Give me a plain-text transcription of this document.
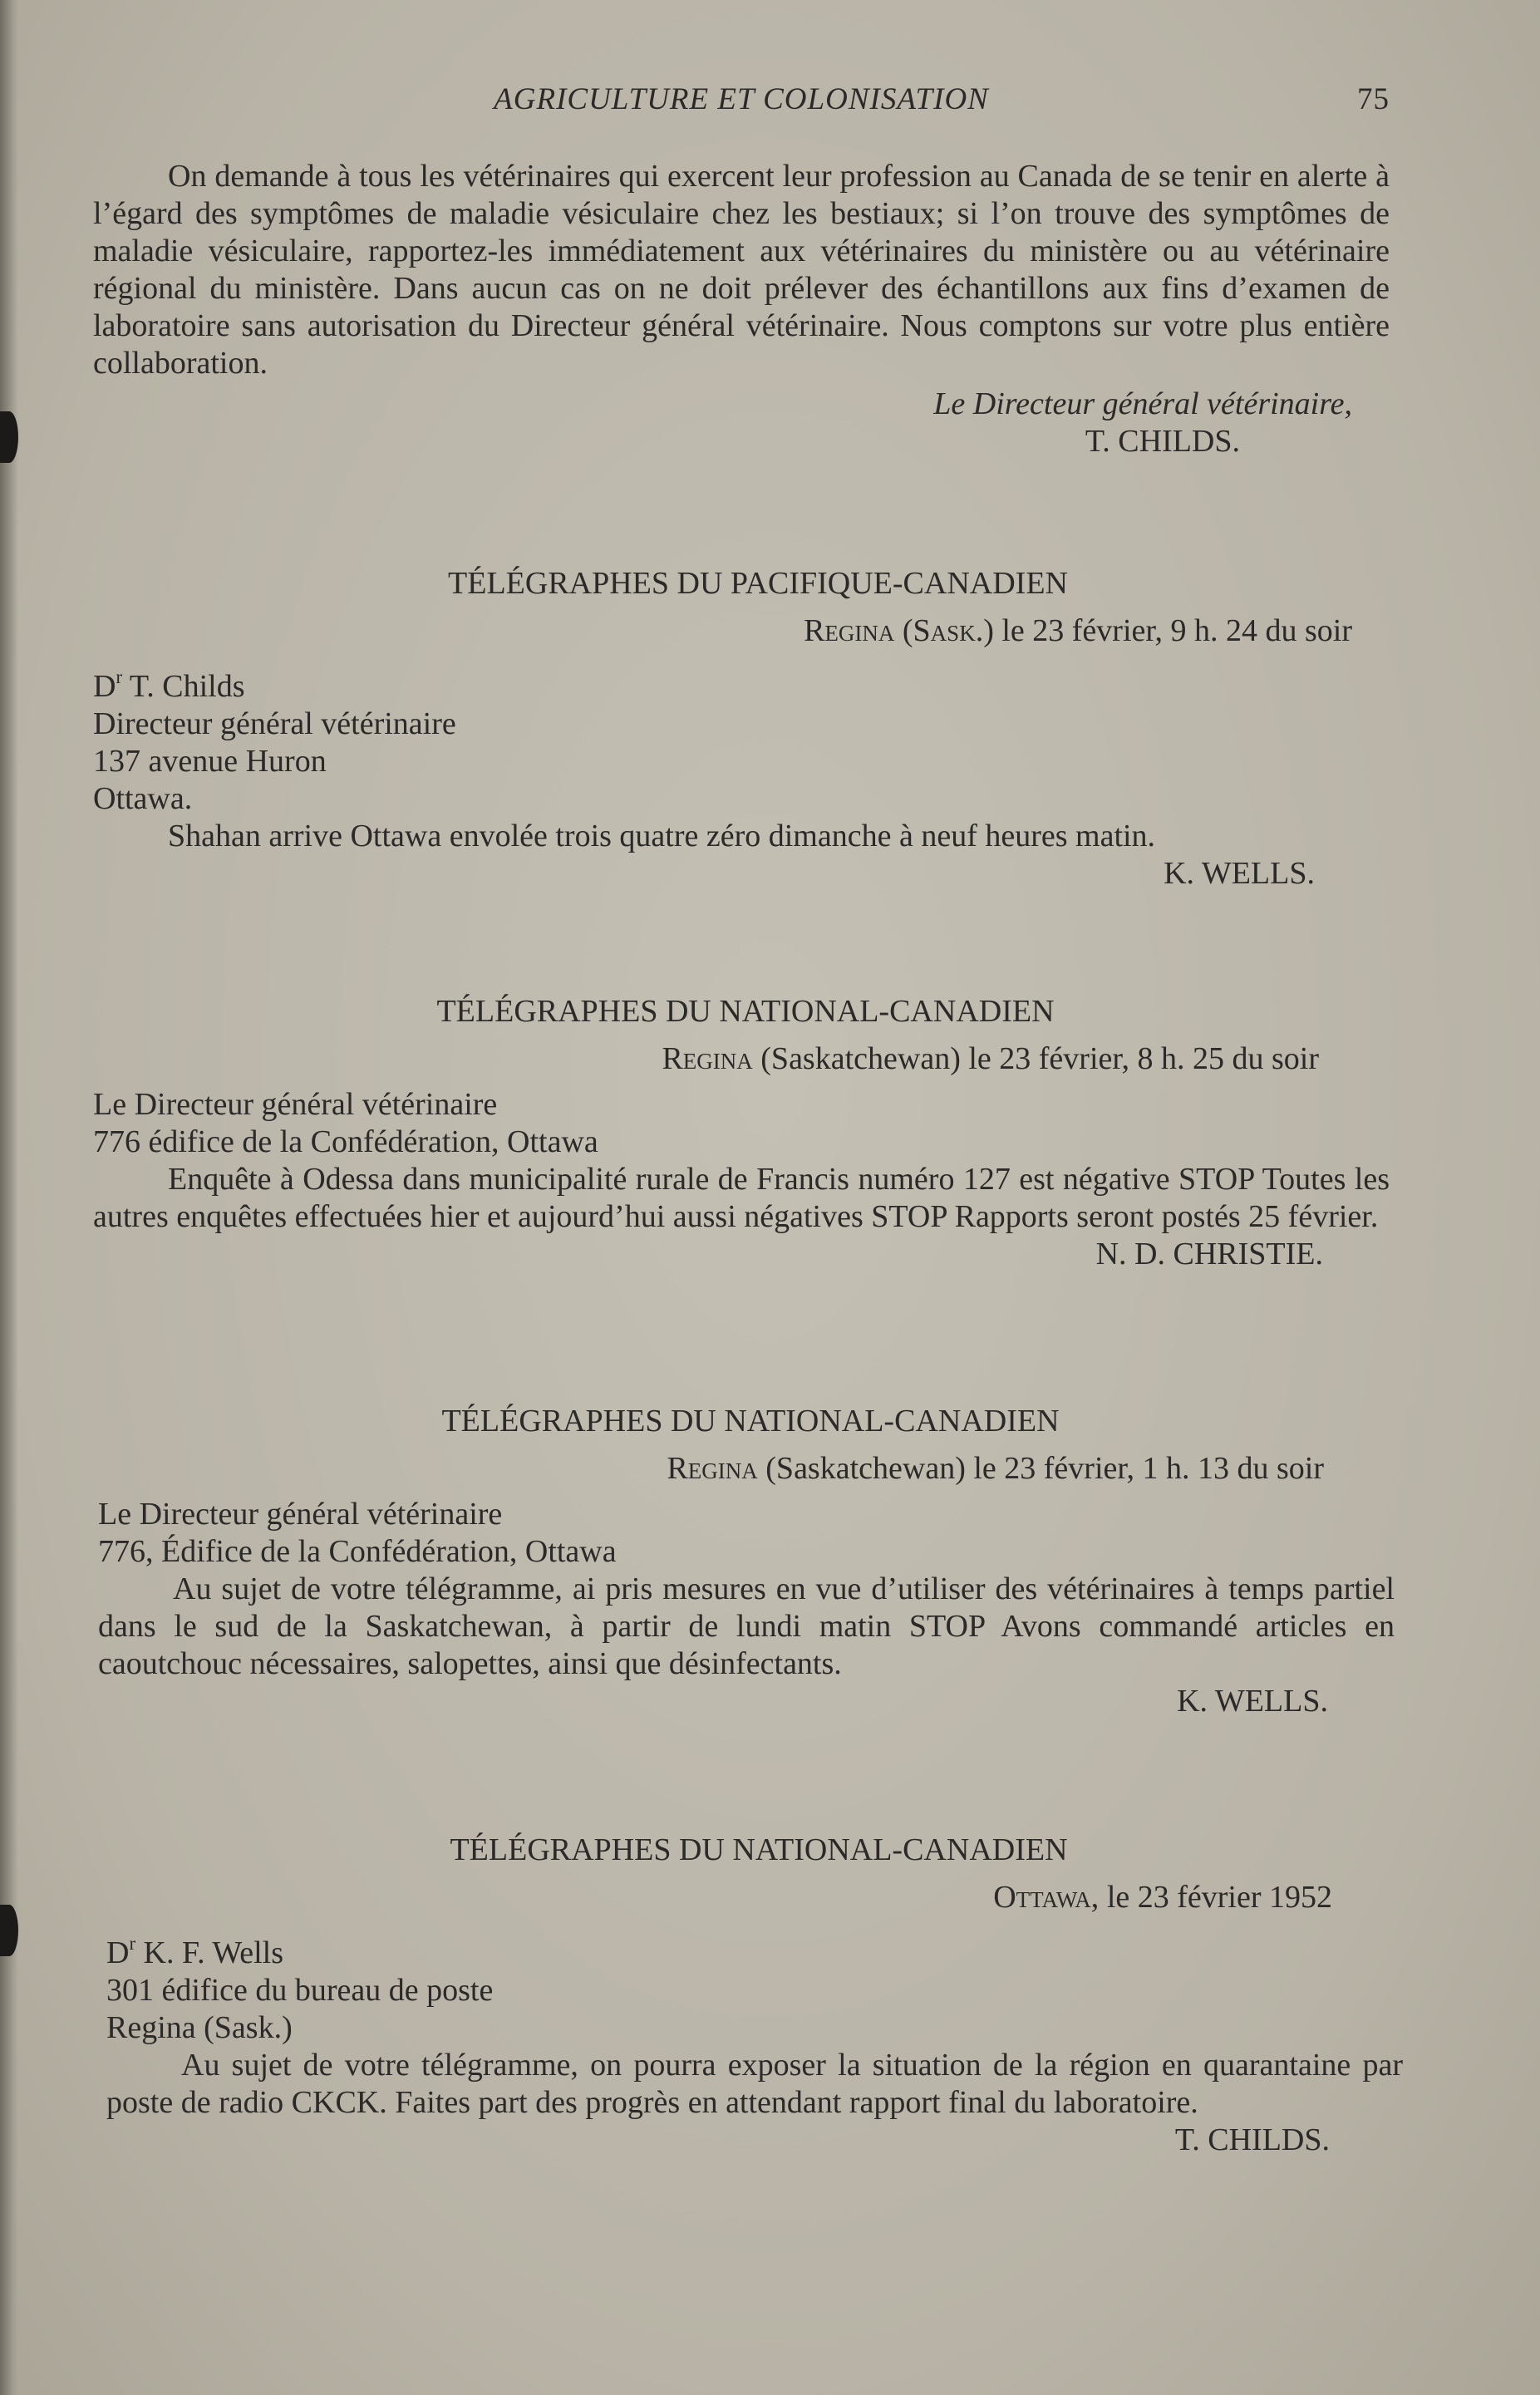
AGRICULTURE ET COLONISATION	75

On demande à tous les vétérinaires qui exercent leur profession au Canada de se tenir en alerte à l’égard des symptômes de maladie vésiculaire chez les bestiaux; si l’on trouve des symptômes de maladie vésiculaire, rapportez-les immédiatement aux vétérinaires du ministère ou au vétérinaire régional du ministère. Dans aucun cas on ne doit prélever des échantillons aux fins d’examen de laboratoire sans autorisation du Directeur général vétérinaire. Nous comptons sur votre plus entière collaboration.

Le Directeur général vétérinaire,

T. CHILDS.

TÉLÉGRAPHES DU PACIFIQUE-CANADIEN

Regina (Sask.) le 23 février, 9 h. 24 du soir

$D^r$ T. Childs

Directeur général vétérinaire

137 avenue Huron

Ottawa.

Shahan arrive Ottawa envolée trois quatre zéro dimanche à neuf heures matin.

K. WELLS.

TÉLÉGRAPHES DU NATIONAL-CANADIEN

Regina (Saskatchewan) le 23 février, 8 h. 25 du soir

Le Directeur général vétérinaire

776 édifice de la Confédération, Ottawa

Enquête à Odessa dans municipalité rurale de Francis numéro 127 est négative STOP Toutes les autres enquêtes effectuées hier et aujourd’hui aussi négatives STOP Rapports seront postés 25 février.

N. D. CHRISTIE.

TÉLÉGRAPHES DU NATIONAL-CANADIEN

Regina (Saskatchewan) le 23 février, 1 h. 13 du soir

Le Directeur général vétérinaire

776, Édifice de la Confédération, Ottawa

Au sujet de votre télégramme, ai pris mesures en vue d’utiliser des vétérinaires à temps partiel dans le sud de la Saskatchewan, à partir de lundi matin STOP Avons commandé articles en caoutchouc nécessaires, salopettes, ainsi que désinfectants.

K. WELLS.

TÉLÉGRAPHES DU NATIONAL-CANADIEN

Ottawa, le 23 février 1952

$D^r$ K. F. Wells

301 édifice du bureau de poste

Regina (Sask.)

Au sujet de votre télégramme, on pourra exposer la situation de la région en quarantaine par poste de radio CKCK. Faites part des progrès en attendant rapport final du laboratoire.

T. CHILDS.
